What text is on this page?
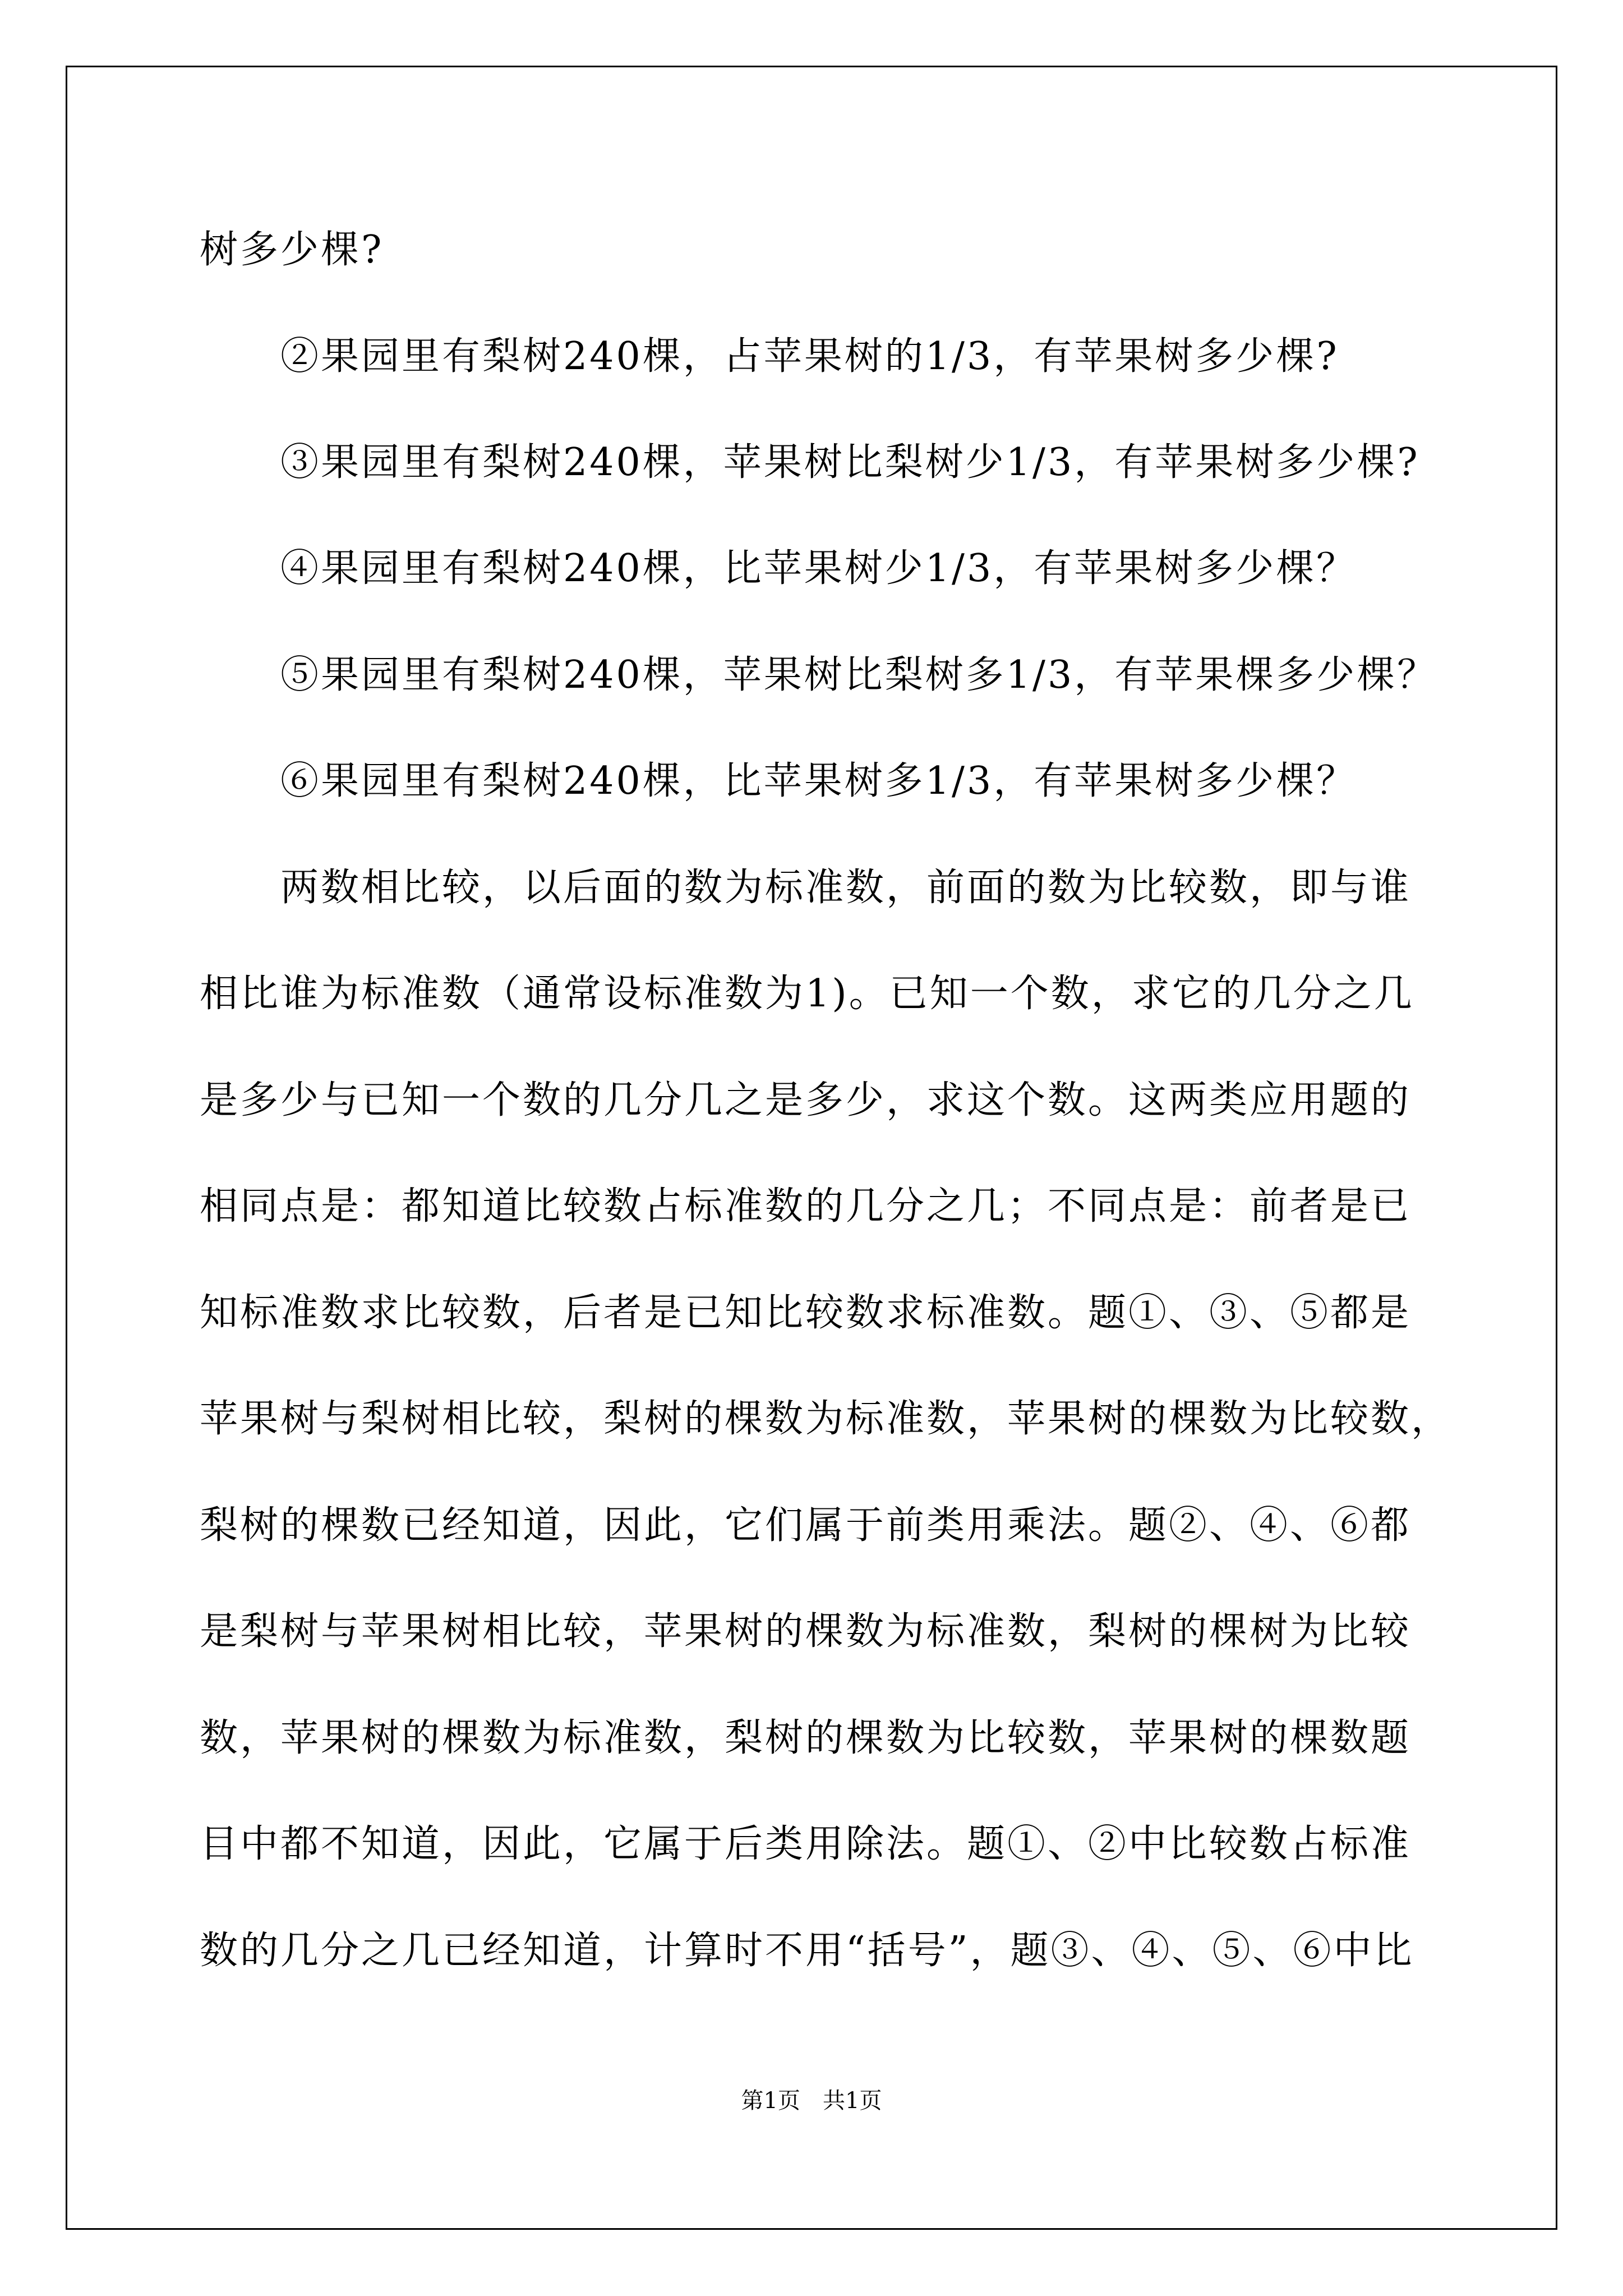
树多少棵?

　　②果园里有梨树240棵，占苹果树的1/3，有苹果树多少棵?

　　③果园里有梨树240棵，苹果树比梨树少1/3，有苹果树多少棵?

　　④果园里有梨树240棵，比苹果树少1/3，有苹果树多少棵？

　　⑤果园里有梨树240棵，苹果树比梨树多1/3，有苹果棵多少棵？

　　⑥果园里有梨树240棵，比苹果树多1/3，有苹果树多少棵？

　　两数相比较，以后面的数为标准数，前面的数为比较数，即与谁

相比谁为标准数（通常设标准数为1)。已知一个数，求它的几分之几

是多少与已知一个数的几分几之是多少，求这个数。这两类应用题的

相同点是：都知道比较数占标准数的几分之几；不同点是：前者是已

知标准数求比较数，后者是已知比较数求标准数。题①、③、⑤都是

苹果树与梨树相比较，梨树的棵数为标准数，苹果树的棵数为比较数，

梨树的棵数已经知道，因此，它们属于前类用乘法。题②、④、⑥都

是梨树与苹果树相比较，苹果树的棵数为标准数，梨树的棵树为比较

数，苹果树的棵数为标准数，梨树的棵数为比较数，苹果树的棵数题

目中都不知道，因此，它属于后类用除法。题①、②中比较数占标准

数的几分之几已经知道，计算时不用“括号”，题③、④、⑤、⑥中比

第1页　共1页
